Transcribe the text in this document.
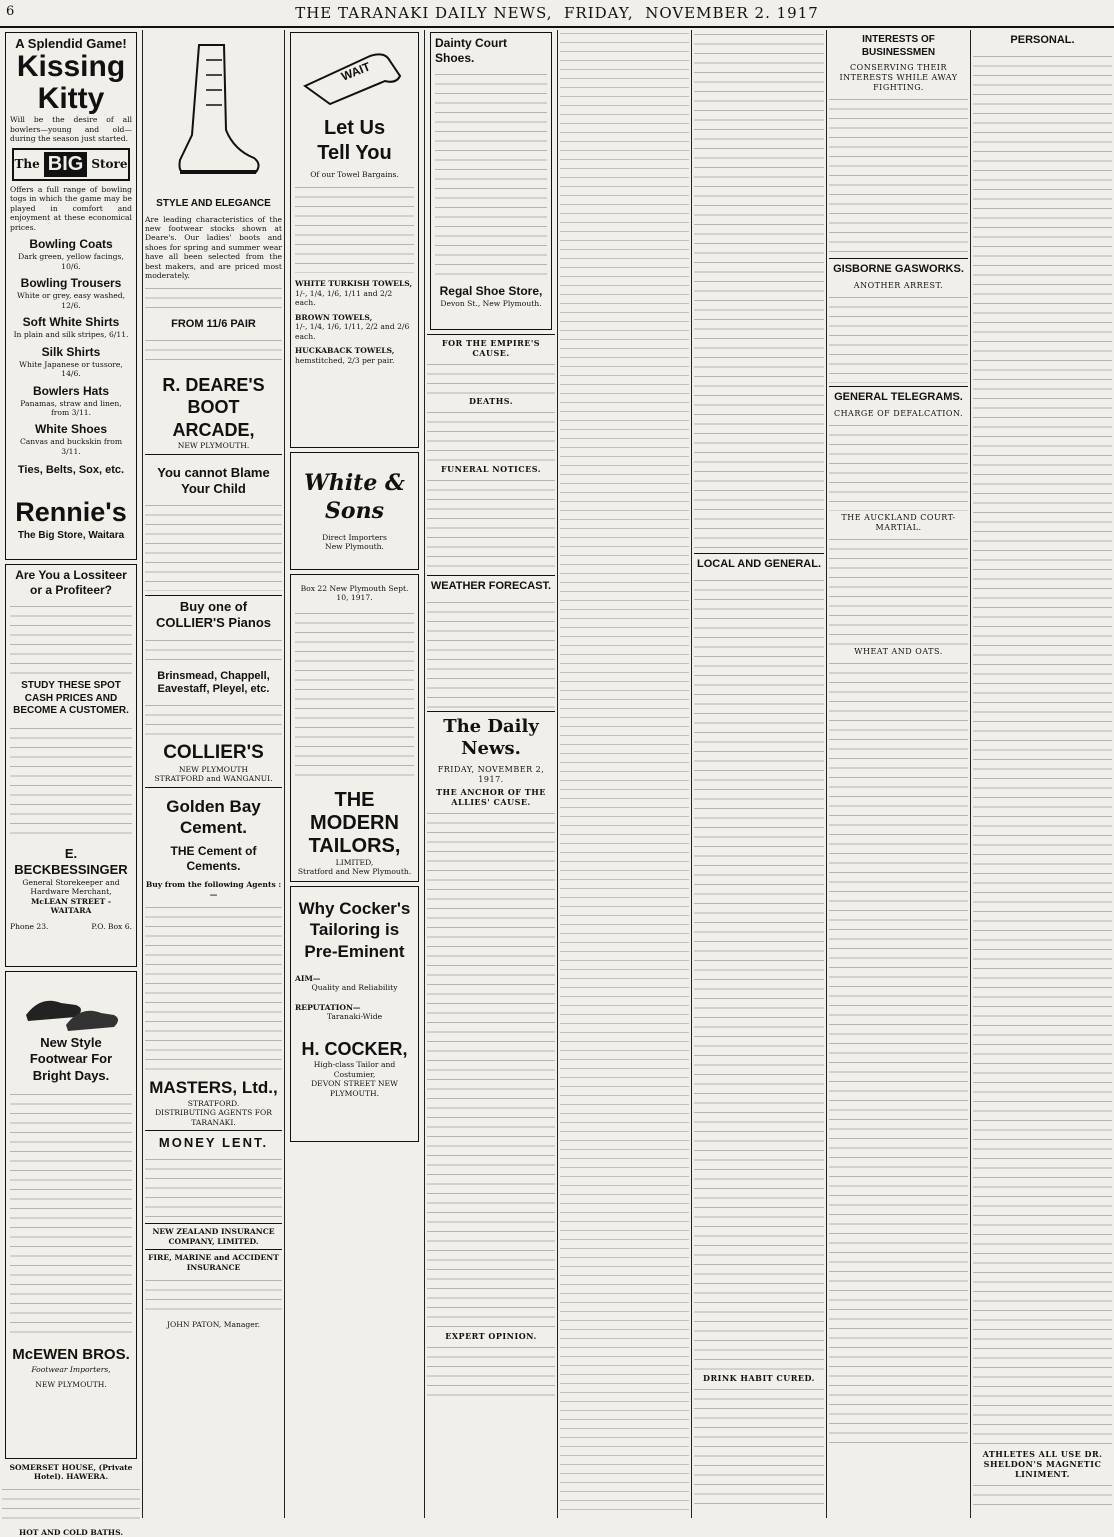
6	THE TARANAKI DAILY NEWS,
FRIDAY,
NOVEMBER 2. 1917
A Splendid Game!
Kissing
Kitty

Will be the desire of all bowlers—young and old—during the season just started.

The BIG Store

Offers a full range of bowling togs in which the game may be played in comfort and enjoyment at these economical prices.

Bowling Coats
Dark green, yellow facings, 10/6.
Bowling Trousers
White or grey, easy washed, 12/6.
Soft White Shirts
In plain and silk stripes, 6/11.
Silk Shirts
White Japanese or tussore, 14/6.
Bowlers Hats
Panamas, straw and linen, from 3/11.
White Shoes
Canvas and buckskin from 3/11.
Ties, Belts, Sox, etc.
Rennie's
The Big Store, Waitara
Are You a Lossiteer or a Profiteer?
STUDY THESE SPOT CASH PRICES AND BECOME A CUSTOMER.
E. BECKBESSINGER
General Storekeeper and Hardware Merchant,
McLEAN STREET - WAITARA
Phone 23.	P.O. Box 6.
New Style Footwear For Bright Days.
McEWEN BROS.
Footwear Importers,
NEW PLYMOUTH.
SOMERSET HOUSE, (Private Hotel). HAWERA.
HOT AND COLD BATHS.
STYLE AND ELEGANCE

Are leading characteristics of the new footwear stocks shown at Deare's. Our ladies' boots and shoes for spring and summer wear have all been selected from the best makers, and are priced most moderately.

FROM 11/6 PAIR
R. DEARE'S
BOOT
ARCADE,
NEW PLYMOUTH.
You cannot Blame Your Child
Buy one of COLLIER'S Pianos
Brinsmead, Chappell, Eavestaff, Pleyel, etc.
COLLIER'S
NEW PLYMOUTH
STRATFORD and WANGANUI.
Golden Bay Cement.
THE Cement of Cements.
Buy from the following Agents :—
MASTERS, Ltd.,
STRATFORD.
DISTRIBUTING AGENTS FOR TARANAKI.
MONEY LENT.
NEW ZEALAND INSURANCE COMPANY, LIMITED.
FIRE, MARINE and ACCIDENT INSURANCE
JOHN PATON, Manager.
WAIT
Let Us
Tell You
Of our Towel Bargains.
WHITE TURKISH TOWELS,
1/-, 1/4, 1/6, 1/11 and 2/2 each.
BROWN TOWELS,
1/-, 1/4, 1/6, 1/11, 2/2 and 2/6 each.
HUCKABACK TOWELS,
hemstitched, 2/3 per pair.
White & Sons
Direct Importers
New Plymouth.
Box 22 New Plymouth Sept. 10, 1917.
THE MODERN TAILORS,
LIMITED,
Stratford and New Plymouth.
Why Cocker's Tailoring is Pre-Eminent
AIM—
Quality and Reliability
REPUTATION—
Taranaki-Wide
H. COCKER,
High-class Tailor and Costumier,
DEVON STREET NEW PLYMOUTH.
Dainty Court Shoes.
Regal Shoe Store,
Devon St., New Plymouth.
FOR THE EMPIRE'S CAUSE.
DEATHS.
FUNERAL NOTICES.
WEATHER FORECAST.
The Daily News.
FRIDAY, NOVEMBER 2, 1917.
THE ANCHOR OF THE ALLIES' CAUSE.
EXPERT OPINION.
LOCAL AND GENERAL.
DRINK HABIT CURED.
INTERESTS OF BUSINESSMEN
CONSERVING THEIR INTERESTS WHILE AWAY FIGHTING.
GISBORNE GASWORKS.
ANOTHER ARREST.
GENERAL TELEGRAMS.
CHARGE OF DEFALCATION.
THE AUCKLAND COURT-MARTIAL.
WHEAT AND OATS.
PERSONAL.
ATHLETES ALL USE DR. SHELDON'S MAGNETIC LINIMENT.
